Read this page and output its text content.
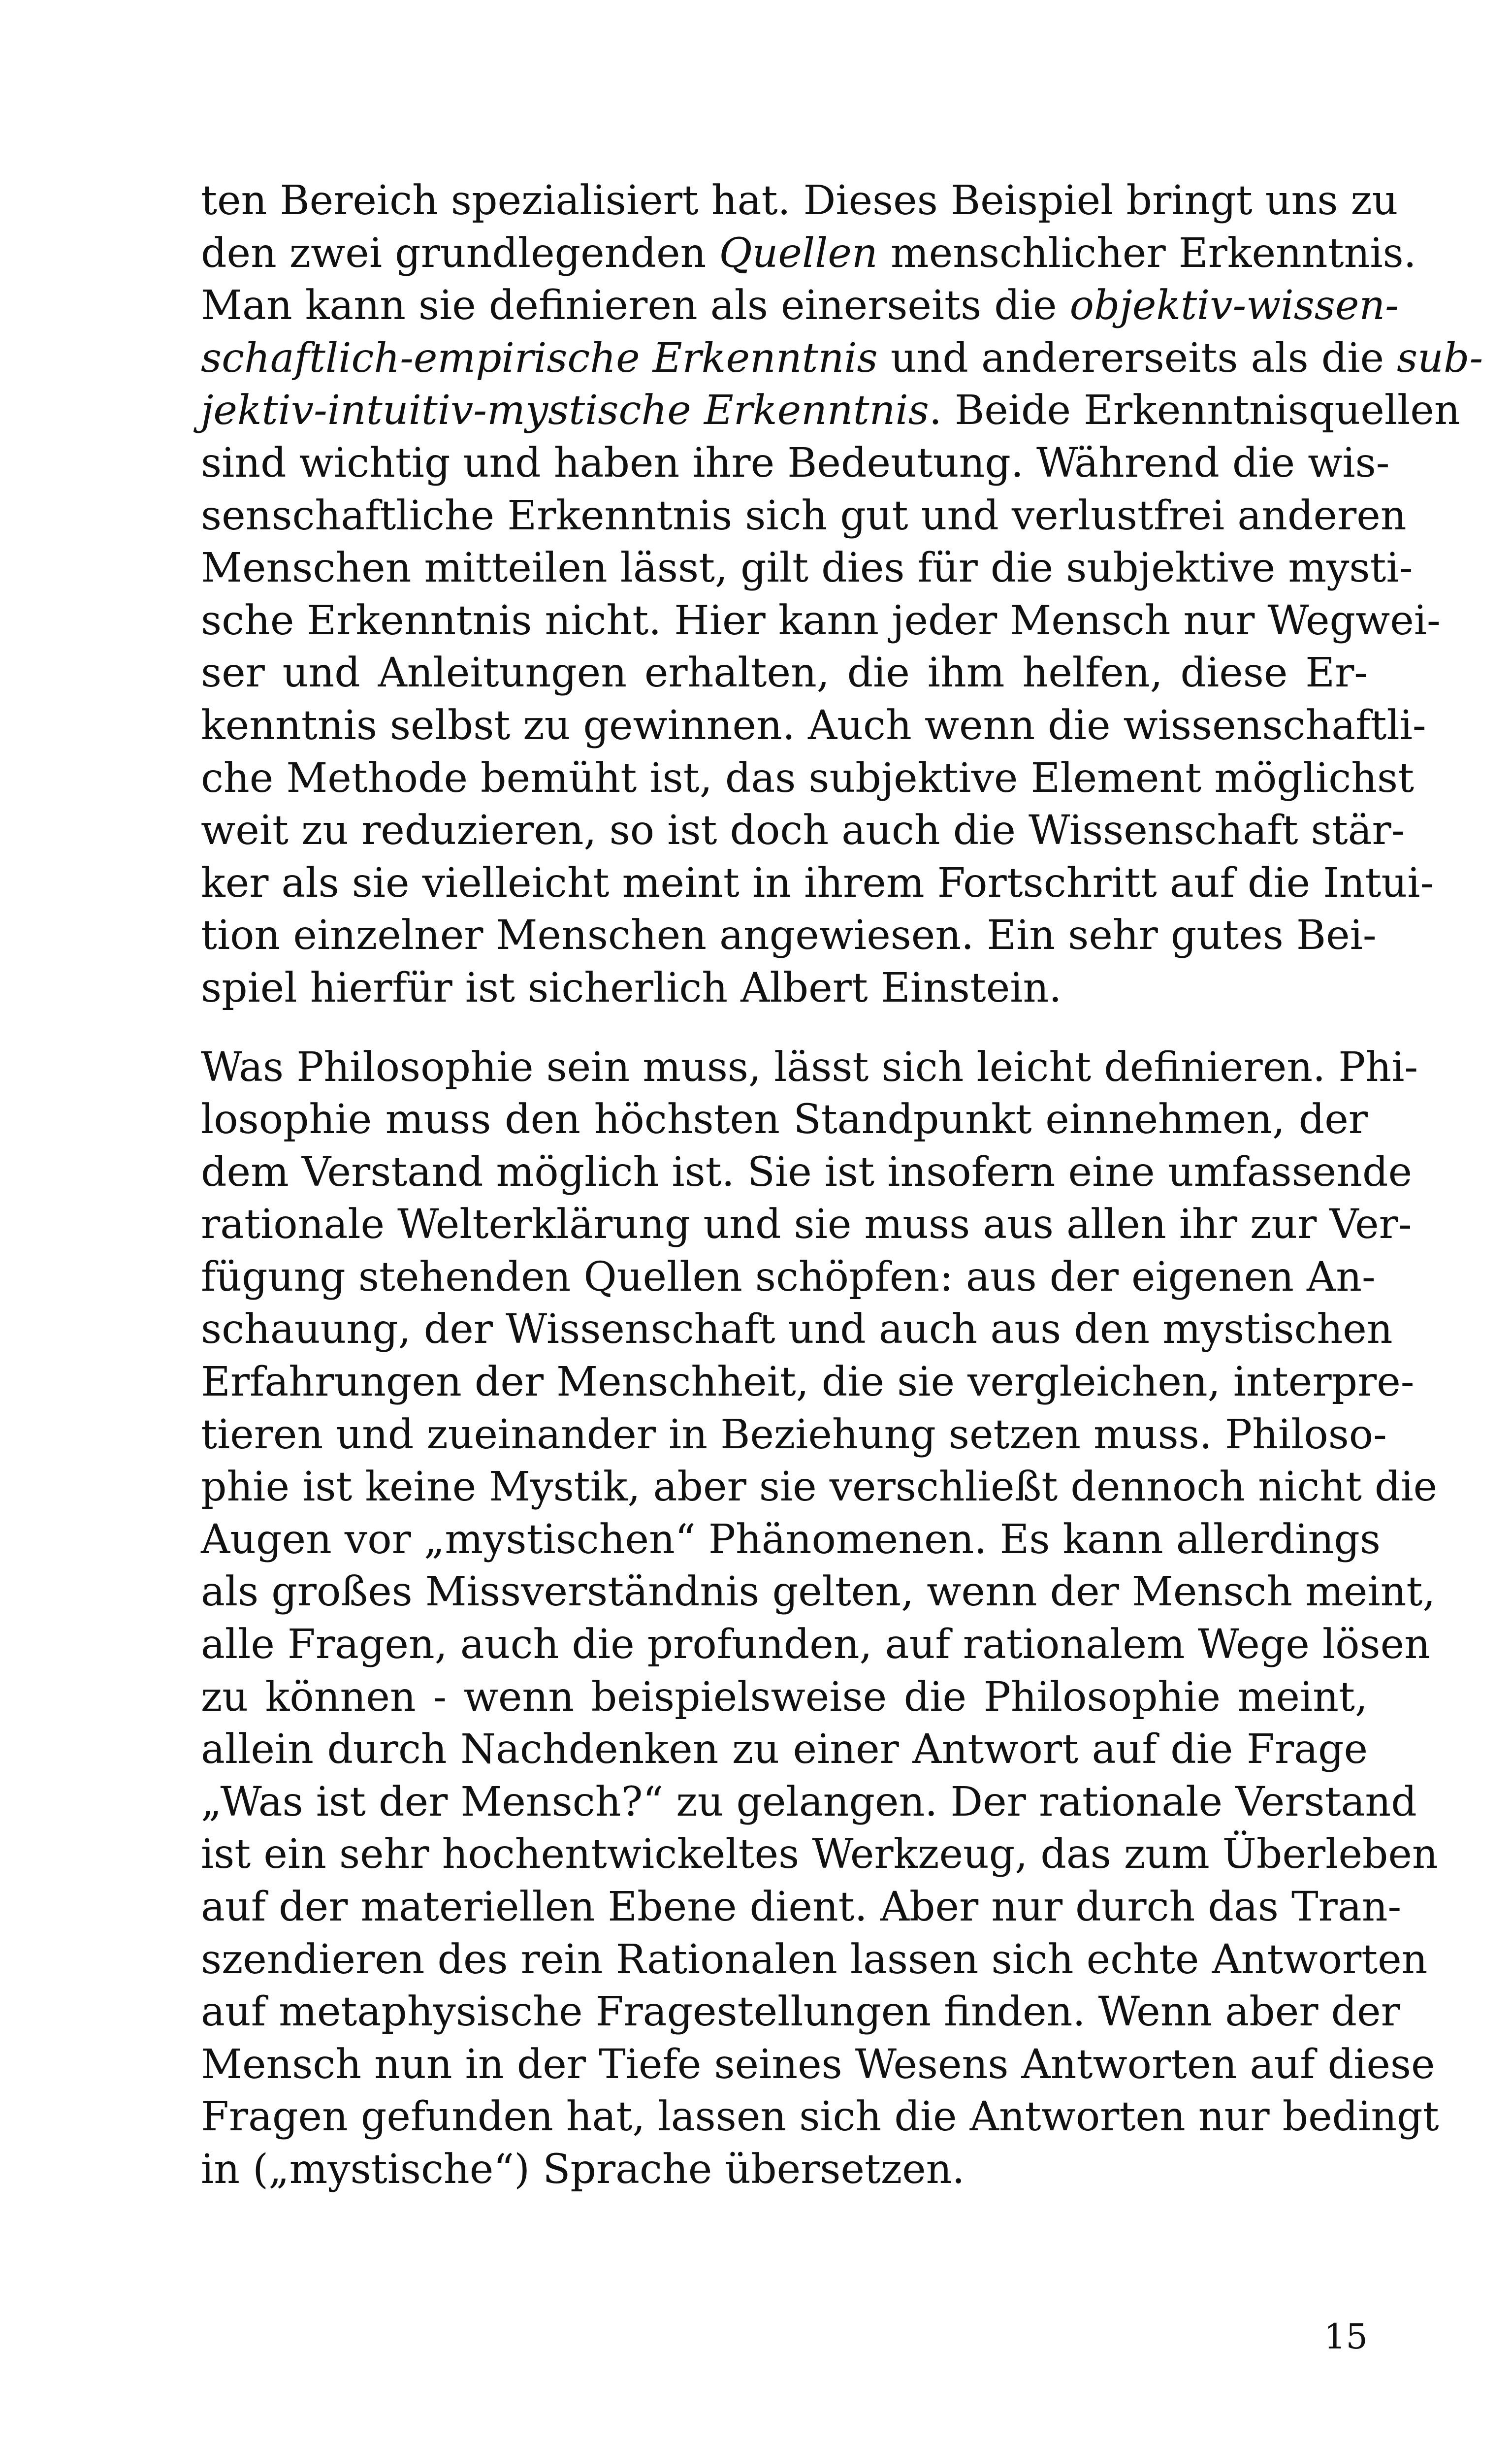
ten Bereich spezialisiert hat. Dieses Beispiel bringt uns zu
den zwei grundlegenden Quellen menschlicher Erkenntnis.
Man kann sie definieren als einerseits die objektiv-wissen-
schaftlich-empirische Erkenntnis und andererseits als die sub-
jektiv-intuitiv-mystische Erkenntnis. Beide Erkenntnisquellen
sind wichtig und haben ihre Bedeutung. Während die wis-
senschaftliche Erkenntnis sich gut und verlustfrei anderen
Menschen mitteilen lässt, gilt dies für die subjektive mysti-
sche Erkenntnis nicht. Hier kann jeder Mensch nur Wegwei-
ser und Anleitungen erhalten, die ihm helfen, diese Er-
kenntnis selbst zu gewinnen. Auch wenn die wissenschaftli-
che Methode bemüht ist, das subjektive Element möglichst
weit zu reduzieren, so ist doch auch die Wissenschaft stär-
ker als sie vielleicht meint in ihrem Fortschritt auf die Intui-
tion einzelner Menschen angewiesen. Ein sehr gutes Bei-
spiel hierfür ist sicherlich Albert Einstein.
Was Philosophie sein muss, lässt sich leicht definieren. Phi-
losophie muss den höchsten Standpunkt einnehmen, der
dem Verstand möglich ist. Sie ist insofern eine umfassende
rationale Welterklärung und sie muss aus allen ihr zur Ver-
fügung stehenden Quellen schöpfen: aus der eigenen An-
schauung, der Wissenschaft und auch aus den mystischen
Erfahrungen der Menschheit, die sie vergleichen, interpre-
tieren und zueinander in Beziehung setzen muss. Philoso-
phie ist keine Mystik, aber sie verschließt dennoch nicht die
Augen vor „mystischen“ Phänomenen. Es kann allerdings
als großes Missverständnis gelten, wenn der Mensch meint,
alle Fragen, auch die profunden, auf rationalem Wege lösen
zu können - wenn beispielsweise die Philosophie meint,
allein durch Nachdenken zu einer Antwort auf die Frage
„Was ist der Mensch?“ zu gelangen. Der rationale Verstand
ist ein sehr hochentwickeltes Werkzeug, das zum Überleben
auf der materiellen Ebene dient. Aber nur durch das Tran-
szendieren des rein Rationalen lassen sich echte Antworten
auf metaphysische Fragestellungen finden. Wenn aber der
Mensch nun in der Tiefe seines Wesens Antworten auf diese
Fragen gefunden hat, lassen sich die Antworten nur bedingt
in („mystische“) Sprache übersetzen.
15
